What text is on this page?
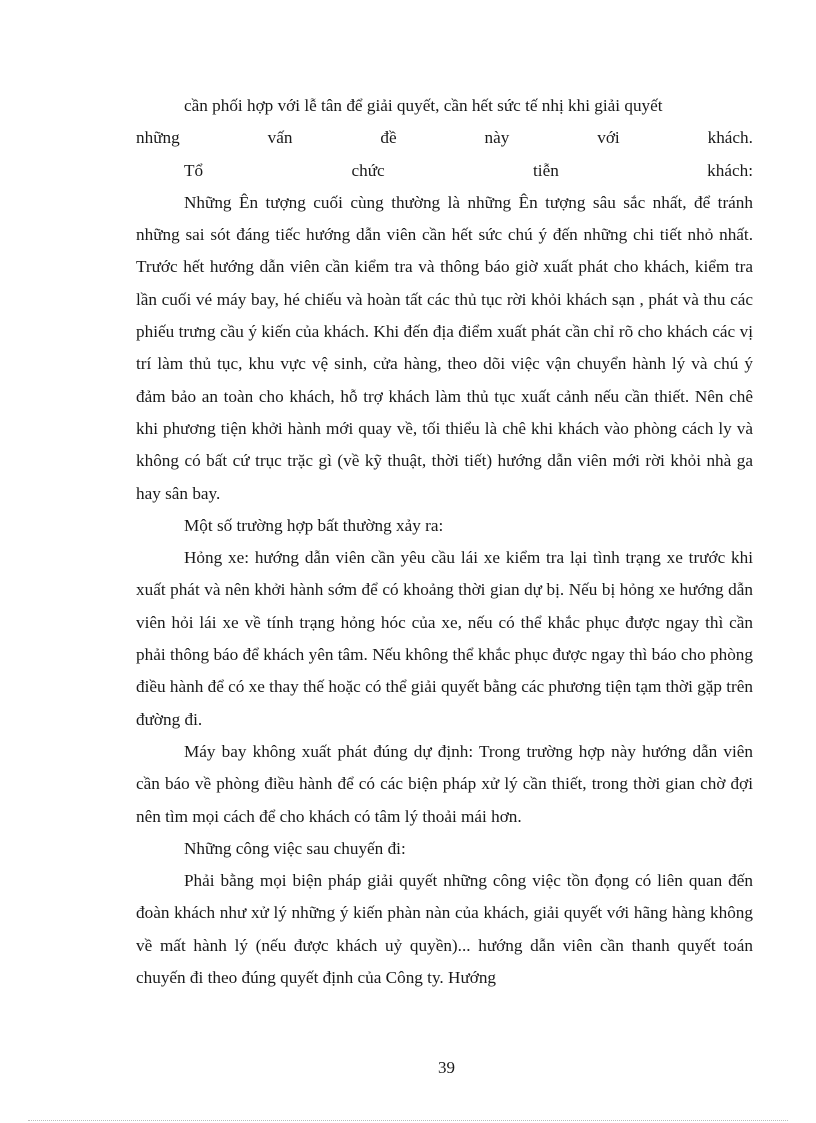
cần phối hợp với lễ tân để giải quyết, cần hết sức tế nhị khi giải quyết

những	vấn	đề	này	với	khách.
Tổ	chức	tiễn	khách:

Những Ên tượng cuối cùng thường là những Ên tượng sâu sắc nhất, để tránh những sai sót đáng tiếc hướng dẫn viên cần hết sức chú ý đến những chi tiết nhỏ nhất. Trước hết hướng dẫn viên cần kiểm tra và thông báo giờ xuất phát cho khách, kiểm tra lần cuối vé máy bay, hé chiếu và hoàn tất các thủ tục rời khỏi khách sạn , phát và thu các phiếu trưng cầu ý kiến của khách. Khi đến địa điểm xuất phát cần chỉ rõ cho khách các vị trí làm thủ tục, khu vực vệ sinh, cửa hàng, theo dõi việc vận chuyển hành lý và chú ý đảm bảo an toàn cho khách, hỗ trợ khách làm thủ tục xuất cảnh nếu cần thiết. Nên chê khi phương tiện khởi hành mới quay về, tối thiểu là chê khi khách vào phòng cách ly và không có bất cứ trục trặc gì (về kỹ thuật, thời tiết) hướng dẫn viên mới rời khỏi nhà ga hay sân bay.

Một số trường hợp bất thường xảy ra:

Hỏng xe: hướng dẫn viên cần yêu cầu lái xe kiểm tra lại tình trạng xe trước khi xuất phát và nên khởi hành sớm để có khoảng thời gian dự bị. Nếu bị hỏng xe hướng dẫn viên hỏi lái xe về tính trạng hỏng hóc của xe, nếu có thể khắc phục được ngay thì cần phải thông báo để khách yên tâm. Nếu không thể khắc phục được ngay thì báo cho phòng điều hành để có xe thay thế hoặc có thể giải quyết bằng các phương tiện tạm thời gặp trên đường đi.

Máy bay không xuất phát đúng dự định: Trong trường hợp này hướng dẫn viên cần báo về phòng điều hành để có các biện pháp xử lý cần thiết, trong thời gian chờ đợi nên tìm mọi cách để cho khách có tâm lý thoải mái hơn.

Những công việc sau chuyến đi:

Phải bằng mọi biện pháp giải quyết những công việc tồn đọng có liên quan đến đoàn khách như xử lý những ý kiến phàn nàn của khách, giải quyết với hãng hàng không về mất hành lý (nếu được khách uỷ quyền)... hướng dẫn viên cần thanh quyết toán chuyến đi theo đúng quyết định của Công ty. Hướng

39
